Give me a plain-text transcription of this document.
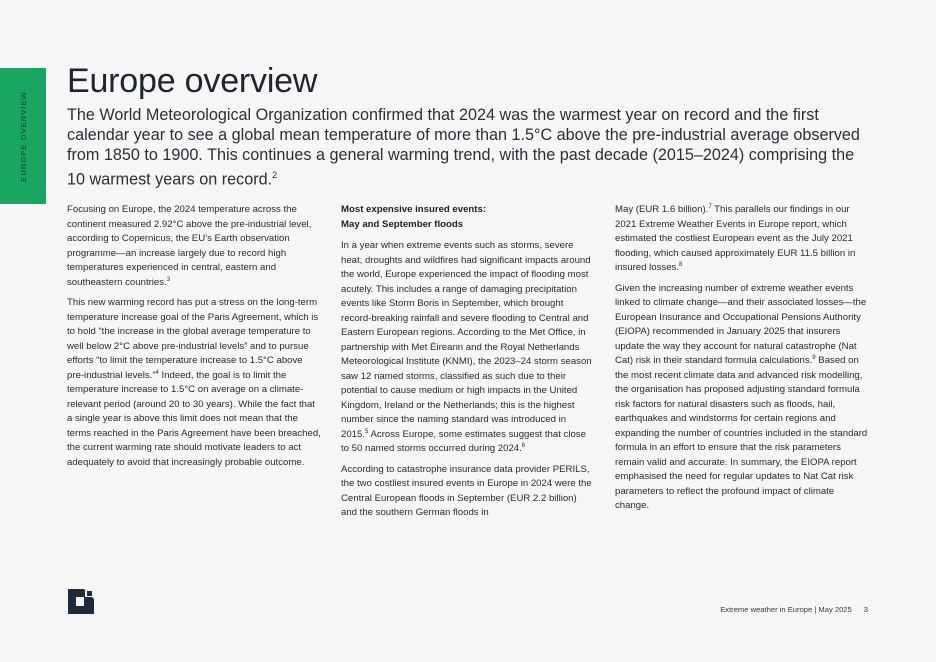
EUROPE OVERVIEW
Europe overview

The World Meteorological Organization confirmed that 2024 was the warmest year on record and the first calendar year to see a global mean temperature of more than 1.5°C above the pre-industrial average observed from 1850 to 1900. This continues a general warming trend, with the past decade (2015–2024) comprising the 10 warmest years on record.$^2$

Focusing on Europe, the 2024 temperature across the continent measured 2.92°C above the pre-industrial level, according to Copernicus, the EU’s Earth observation programme—an increase largely due to record high temperatures experienced in central, eastern and southeastern countries.$^3$

This new warming record has put a stress on the long-term temperature increase goal of the Paris Agreement, which is to hold “the increase in the global average temperature to well below 2°C above pre-industrial levels” and to pursue efforts “to limit the temperature increase to 1.5°C above pre-industrial levels.”$^4$ Indeed, the goal is to limit the temperature increase to 1.5°C on average on a climate-relevant period (around 20 to 30 years). While the fact that a single year is above this limit does not mean that the terms reached in the Paris Agreement have been breached, the current warming rate should motivate leaders to act adequately to avoid that increasingly probable outcome.

Most expensive insured events:
May and September floods

In a year when extreme events such as storms, severe heat, droughts and wildfires had significant impacts around the world, Europe experienced the impact of flooding most acutely. This includes a range of damaging precipitation events like Storm Boris in September, which brought record-breaking rainfall and severe flooding to Central and Eastern European regions. According to the Met Office, in partnership with Met Éireann and the Royal Netherlands Meteorological Institute (KNMI), the 2023–24 storm season saw 12 named storms, classified as such due to their potential to cause medium or high impacts in the United Kingdom, Ireland or the Netherlands; this is the highest number since the naming standard was introduced in 2015.$^5$ Across Europe, some estimates suggest that close to 50 named storms occurred during 2024.$^6$

According to catastrophe insurance data provider PERILS, the two costliest insured events in Europe in 2024 were the Central European floods in September (EUR 2.2 billion) and the southern German floods in

May (EUR 1.6 billion).$^7$ This parallels our findings in our 2021 Extreme Weather Events in Europe report, which estimated the costliest European event as the July 2021 flooding, which caused approximately EUR 11.5 billion in insured losses.$^8$

Given the increasing number of extreme weather events linked to climate change—and their associated losses—the European Insurance and Occupational Pensions Authority (EIOPA) recommended in January 2025 that insurers update the way they account for natural catastrophe (Nat Cat) risk in their standard formula calculations.$^9$ Based on the most recent climate data and advanced risk modelling, the organisation has proposed adjusting standard formula risk factors for natural disasters such as floods, hail, earthquakes and windstorms for certain regions and expanding the number of countries included in the standard formula in an effort to ensure that the risk parameters remain valid and accurate. In summary, the EIOPA report emphasised the need for regular updates to Nat Cat risk parameters to reflect the profound impact of climate change.

Extreme weather in Europe | May 2025 3
